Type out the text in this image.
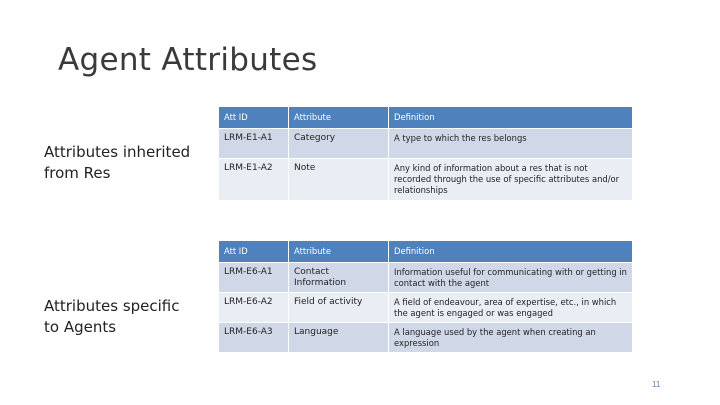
Agent Attributes
Attributes inherited from Res
Attributes specific to Agents
Att ID	Attribute	Definition
LRM-E1-A1	Category	A type to which the res belongs
LRM-E1-A2	Note	Any kind of information about a res that is not recorded through the use of specific attributes and/or relationships
Att ID	Attribute	Definition
LRM-E6-A1	Contact Information	Information useful for communicating with or getting in contact with the agent
LRM-E6-A2	Field of activity	A field of endeavour, area of expertise, etc., in which the agent is engaged or was engaged
LRM-E6-A3	Language	A language used by the agent when creating an expression
11
